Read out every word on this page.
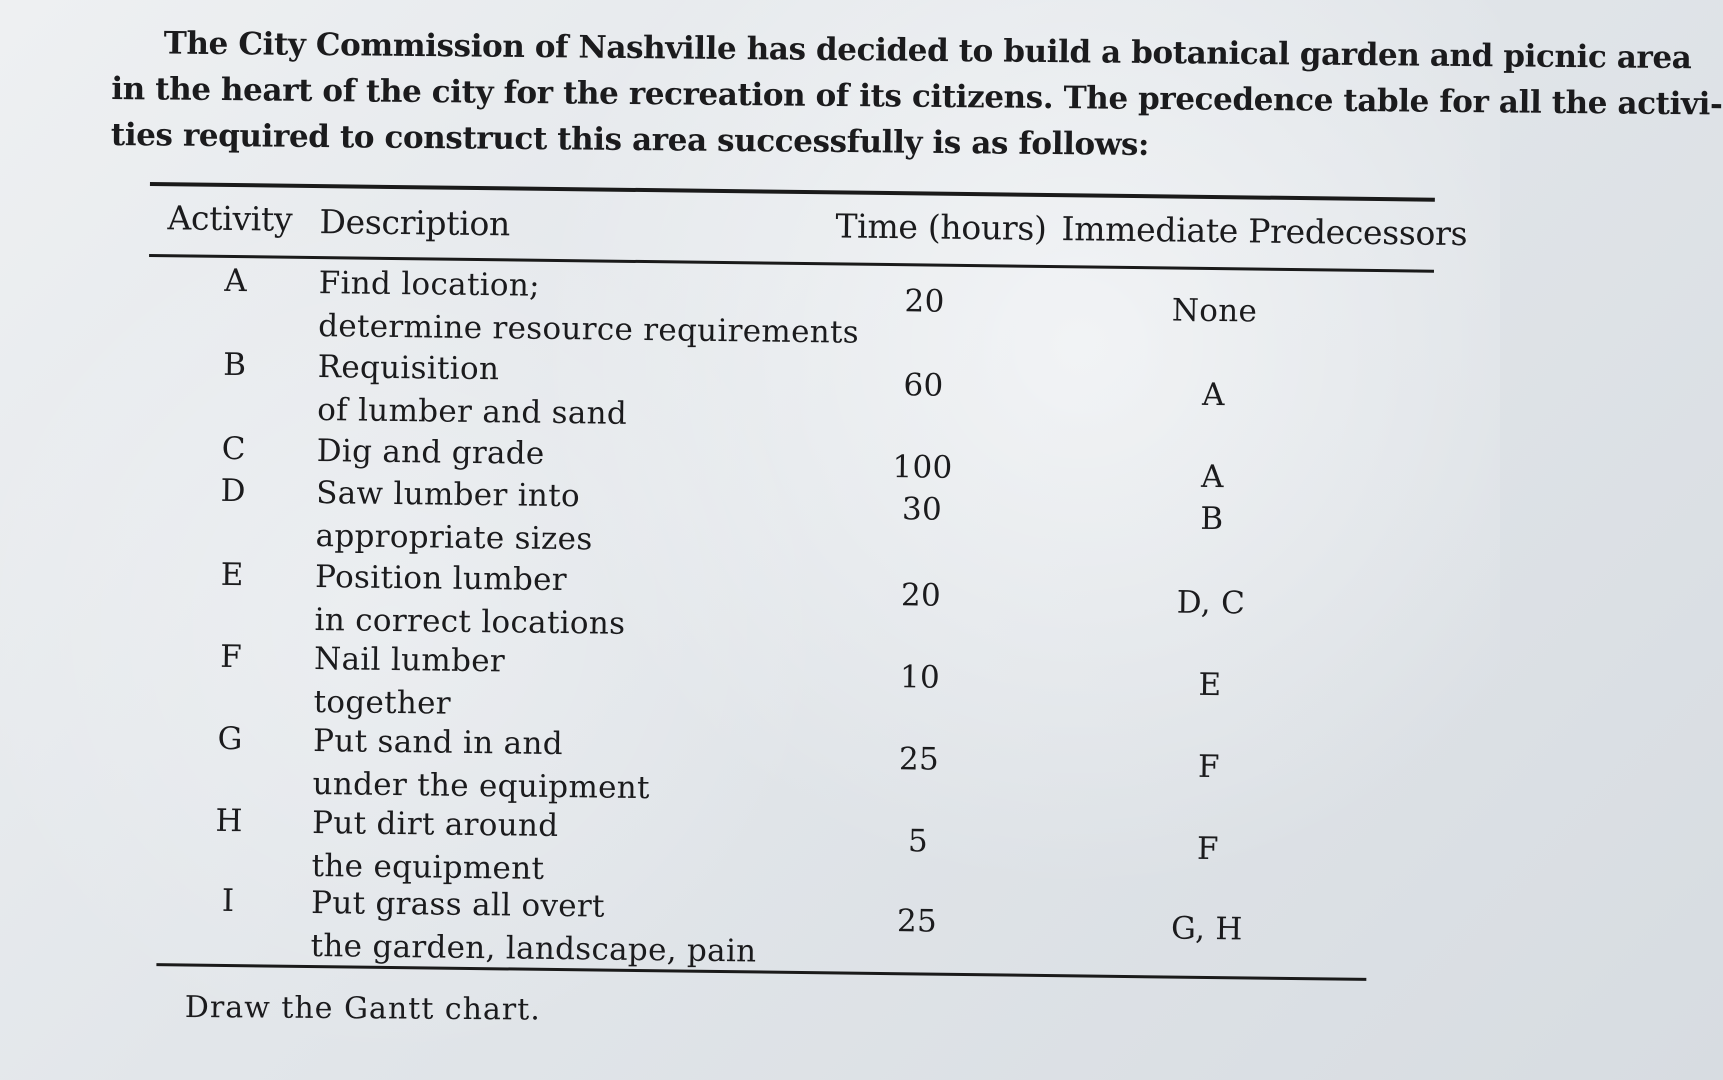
The City Commission of Nashville has decided to build a botanical garden and picnic area
in the heart of the city for the recreation of its citizens. The precedence table for all the activi-
ties required to construct this area successfully is as follows:
Activity Description	Time (hours) Immediate Predecessors
A Find location;
determine resource requirements
20	None
B Requisition
of lumber and sand
60	A
C Dig and grade	100	A
D Saw lumber into
appropriate sizes
30	B
E Position lumber
in correct locations
20	D, C
F Nail lumber
together
10	E
G Put sand in and
under the equipment
25	F
H Put dirt around
the equipment
5	F
I	Put grass all overt
the garden, landscape, pain
25	G, H
Draw the Gantt chart.
